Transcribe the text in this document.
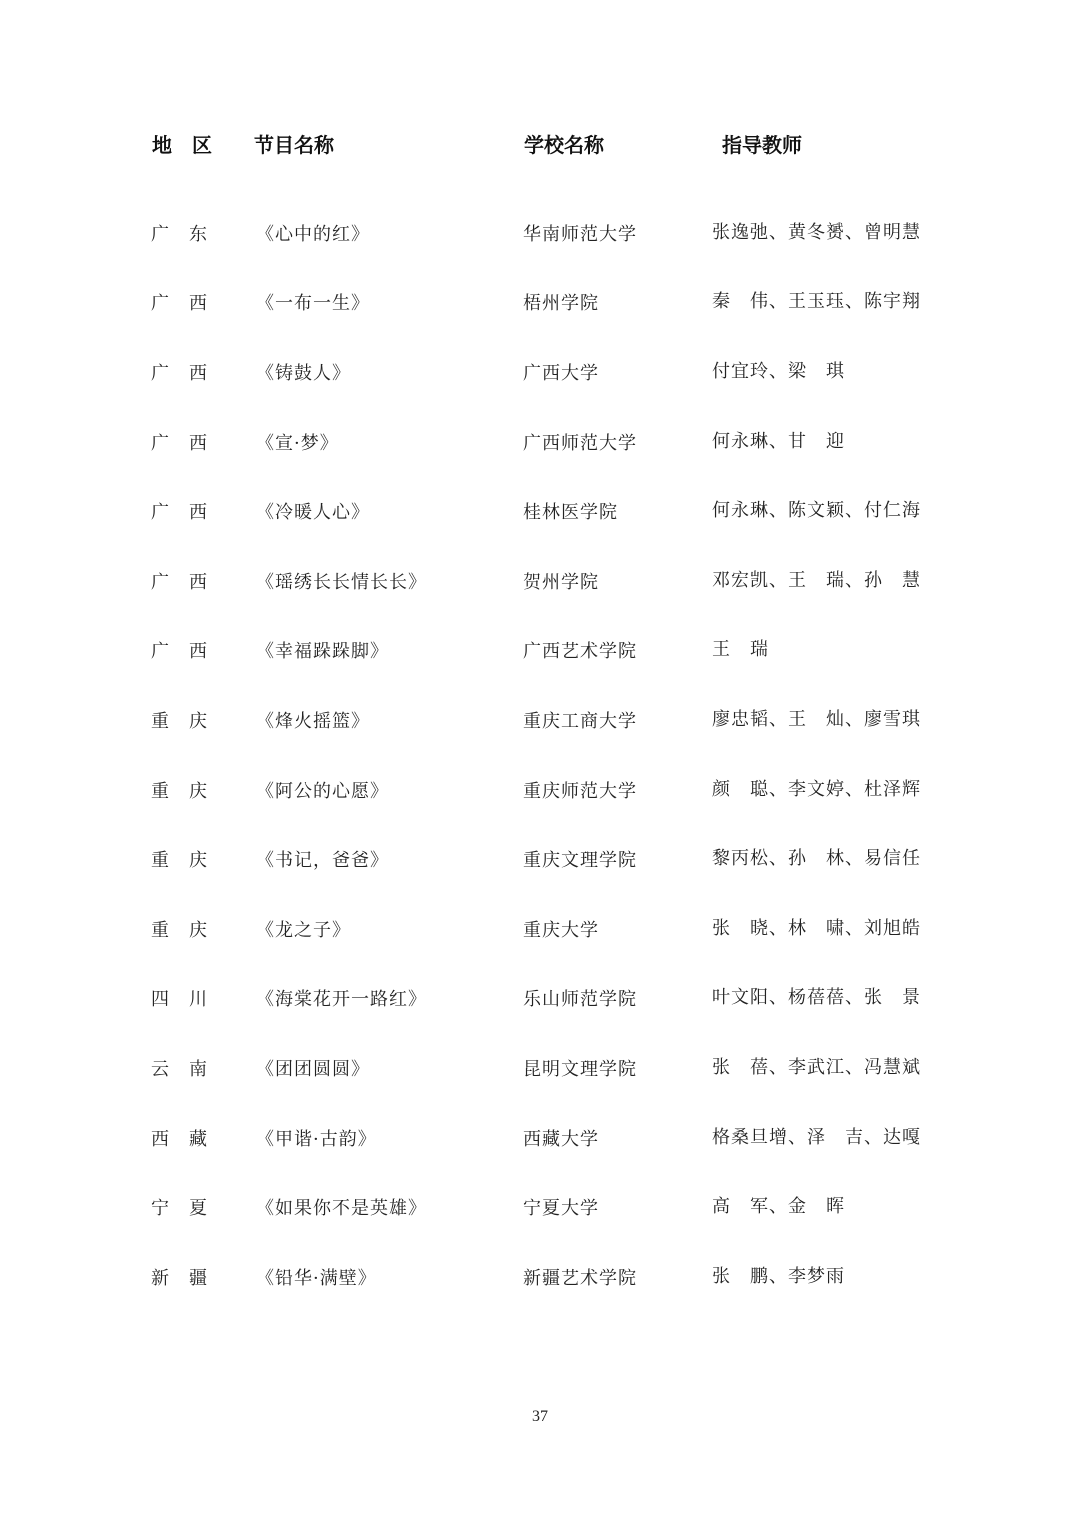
地　区 节目名称	学校名称	指导教师
广　东	《心中的红》	华南师范大学	张逸弛、黄冬赟、曾明慧
广　西	《一布一生》	梧州学院	秦　伟、王玉珏、陈宇翔
广　西	《铸鼓人》	广西大学	付宜玲、梁　琪
广　西	《宣·梦》	广西师范大学	何永琳、甘　迎
广　西	《冷暖人心》	桂林医学院	何永琳、陈文颖、付仁海
广　西	《瑶绣长长情长长》	贺州学院	邓宏凯、王　瑞、孙　慧
广　西	《幸福跺跺脚》	广西艺术学院	王　瑞
重　庆	《烽火摇篮》	重庆工商大学	廖忠韬、王　灿、廖雪琪
重　庆	《阿公的心愿》	重庆师范大学	颜　聪、李文婷、杜泽辉
重　庆	《书记，爸爸》	重庆文理学院	黎丙松、孙　林、易信任
重　庆	《龙之子》	重庆大学	张　晓、林　啸、刘旭皓
四　川	《海棠花开一路红》	乐山师范学院	叶文阳、杨蓓蓓、张　景
云　南	《团团圆圆》	昆明文理学院	张　蓓、李武江、冯慧斌
西　藏	《甲谐·古韵》	西藏大学	格桑旦增、泽　吉、达嘎
宁　夏	《如果你不是英雄》	宁夏大学	高　军、金　晖
新　疆	《铅华·满壁》	新疆艺术学院	张　鹏、李梦雨
37
